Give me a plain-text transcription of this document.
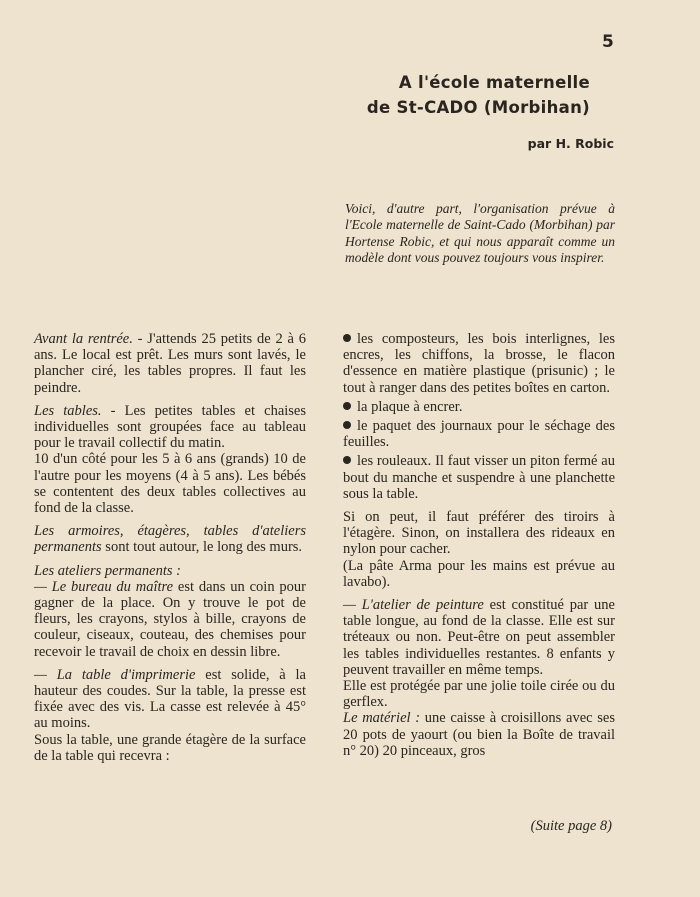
5
A l'école maternelle
de St-CADO (Morbihan)
par H. Robic
Voici, d'autre part, l'organisation prévue à l'Ecole maternelle de Saint-Cado (Morbihan) par Hortense Robic, et qui nous apparaît comme un modèle dont vous pouvez toujours vous inspirer.

Avant la rentrée. - J'attends 25 petits de 2 à 6 ans. Le local est prêt. Les murs sont lavés, le plancher ciré, les tables propres. Il faut les peindre.

Les tables. - Les petites tables et chaises individuelles sont groupées face au tableau pour le travail collectif du matin.

10 d'un côté pour les 5 à 6 ans (grands) 10 de l'autre pour les moyens (4 à 5 ans). Les bébés se contentent des deux tables collectives au fond de la classe.

Les armoires, étagères, tables d'ateliers permanents sont tout autour, le long des murs.

Les ateliers permanents :

— Le bureau du maître est dans un coin pour gagner de la place. On y trouve le pot de fleurs, les crayons, stylos à bille, crayons de couleur, ciseaux, couteau, des chemises pour recevoir le travail de choix en dessin libre.

— La table d'imprimerie est solide, à la hauteur des coudes. Sur la table, la presse est fixée avec des vis. La casse est relevée à 45° au moins.

Sous la table, une grande étagère de la surface de la table qui recevra :

les composteurs, les bois interlignes, les encres, les chiffons, la brosse, le flacon d'essence en matière plastique (prisunic) ; le tout à ranger dans des petites boîtes en carton.

la plaque à encrer.

le paquet des journaux pour le séchage des feuilles.

les rouleaux. Il faut visser un piton fermé au bout du manche et suspendre à une planchette sous la table.

Si on peut, il faut préférer des tiroirs à l'étagère. Sinon, on installera des rideaux en nylon pour cacher.

(La pâte Arma pour les mains est prévue au lavabo).

— L'atelier de peinture est constitué par une table longue, au fond de la classe. Elle est sur tréteaux ou non. Peut-être on peut assembler les tables individuelles restantes. 8 enfants y peuvent travailler en même temps.

Elle est protégée par une jolie toile cirée ou du gerflex.

Le matériel : une caisse à croisillons avec ses 20 pots de yaourt (ou bien la Boîte de travail n° 20) 20 pinceaux, gros

(Suite page 8)
